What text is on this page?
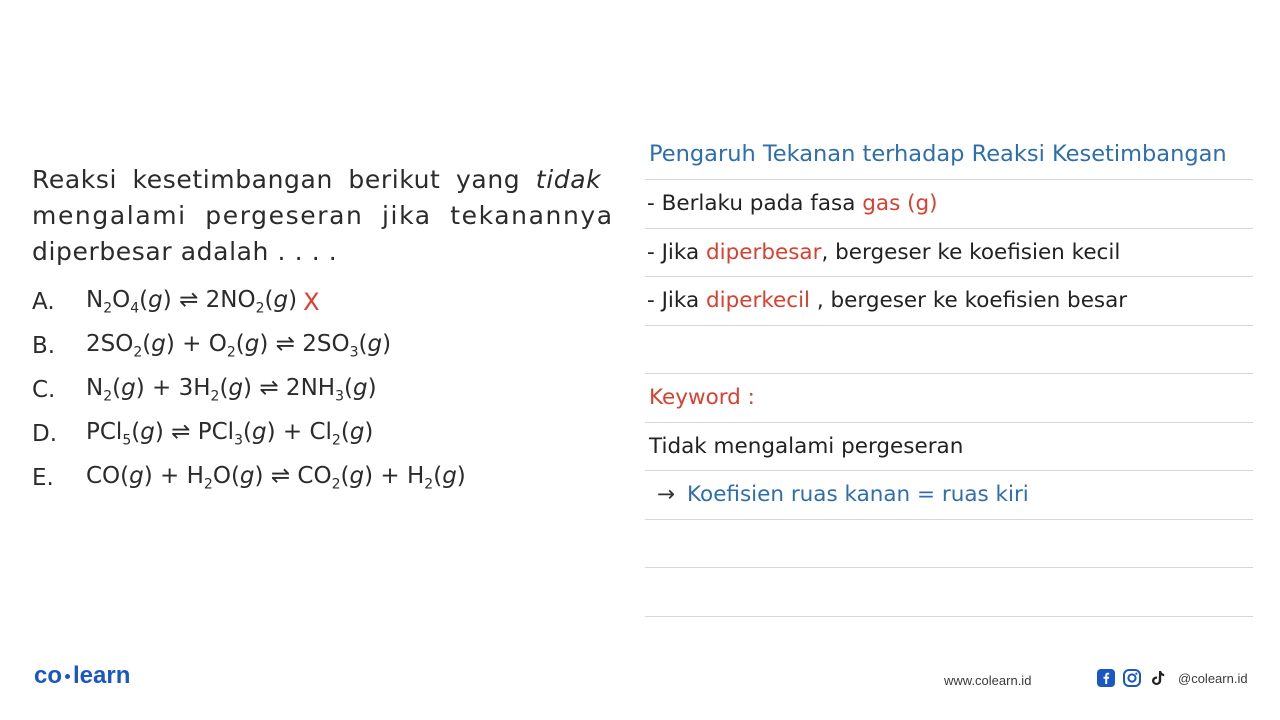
Reaksi kesetimbangan berikut yang tidak
mengalami pergeseran jika tekanannya
diperbesar adalah . . . .
A.	$N_2O_4(g)$ ⇌ $2NO_2(g)$ X
B.	$2SO_2(g) + O_2(g)$ ⇌ $2SO_3(g)$
C.	$N_2(g) + 3H_2(g)$ ⇌ $2NH_3(g)$
D.	PCl$_5$(g) ⇌ $PCl_3(g) + Cl_2(g)$
E.	$CO(g) + H_2O(g)$ ⇌ $CO_2(g) + H_2(g)$
Pengaruh Tekanan terhadap Reaksi Kesetimbangan
- Berlaku pada fasa gas (g)
- Jika diperbesar, bergeser ke koefisien kecil
- Jika diperkecil , bergeser ke koefisien besar
Keyword :
Tidak mengalami pergeseran
→ Koefisien ruas kanan = ruas kiri
co learn	www.colearn.id	@colearn.id
